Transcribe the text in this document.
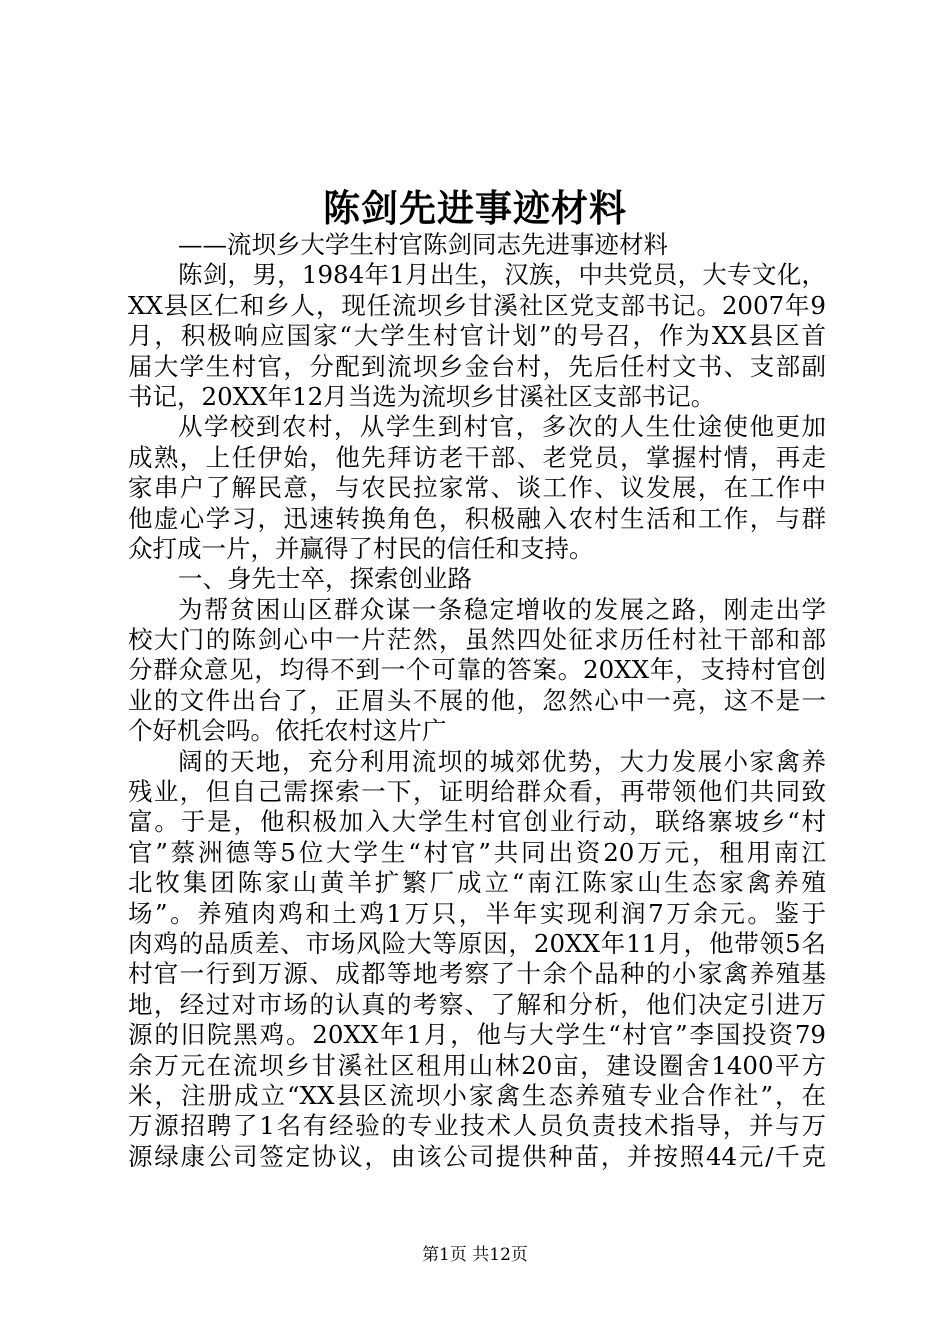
陈剑先进事迹材料
——流坝乡大学生村官陈剑同志先进事迹材料
陈剑，男，1984年1月出生，汉族，中共党员，大专文化，
XX县区仁和乡人，现任流坝乡甘溪社区党支部书记。2007年9
月，积极响应国家“大学生村官计划”的号召，作为XX县区首
届大学生村官，分配到流坝乡金台村，先后任村文书、支部副
书记，20XX年12月当选为流坝乡甘溪社区支部书记。
从学校到农村，从学生到村官，多次的人生仕途使他更加
成熟，上任伊始，他先拜访老干部、老党员，掌握村情，再走
家串户了解民意，与农民拉家常、谈工作、议发展，在工作中
他虚心学习，迅速转换角色，积极融入农村生活和工作，与群
众打成一片，并赢得了村民的信任和支持。
一、身先士卒，探索创业路
为帮贫困山区群众谋一条稳定增收的发展之路，刚走出学
校大门的陈剑心中一片茫然，虽然四处征求历任村社干部和部
分群众意见，均得不到一个可靠的答案。20XX年，支持村官创
业的文件出台了，正眉头不展的他，忽然心中一亮，这不是一
个好机会吗。依托农村这片广
阔的天地，充分利用流坝的城郊优势，大力发展小家禽养
残业，但自己需探索一下，证明给群众看，再带领他们共同致
富。于是，他积极加入大学生村官创业行动，联络寨坡乡“村
官”蔡洲德等5位大学生“村官”共同出资20万元，租用南江
北牧集团陈家山黄羊扩繁厂成立“南江陈家山生态家禽养殖
场”。养殖肉鸡和土鸡1万只，半年实现利润7万余元。鉴于
肉鸡的品质差、市场风险大等原因，20XX年11月，他带领5名
村官一行到万源、成都等地考察了十余个品种的小家禽养殖基
地，经过对市场的认真的考察、了解和分析，他们决定引进万
源的旧院黑鸡。20XX年1月，他与大学生“村官”李国投资79
余万元在流坝乡甘溪社区租用山林20亩，建设圈舍1400平方
米，注册成立“XX县区流坝小家禽生态养殖专业合作社”，在
万源招聘了1名有经验的专业技术人员负责技术指导，并与万
源绿康公司签定协议，由该公司提供种苗，并按照44元/千克
第1页 共12页
